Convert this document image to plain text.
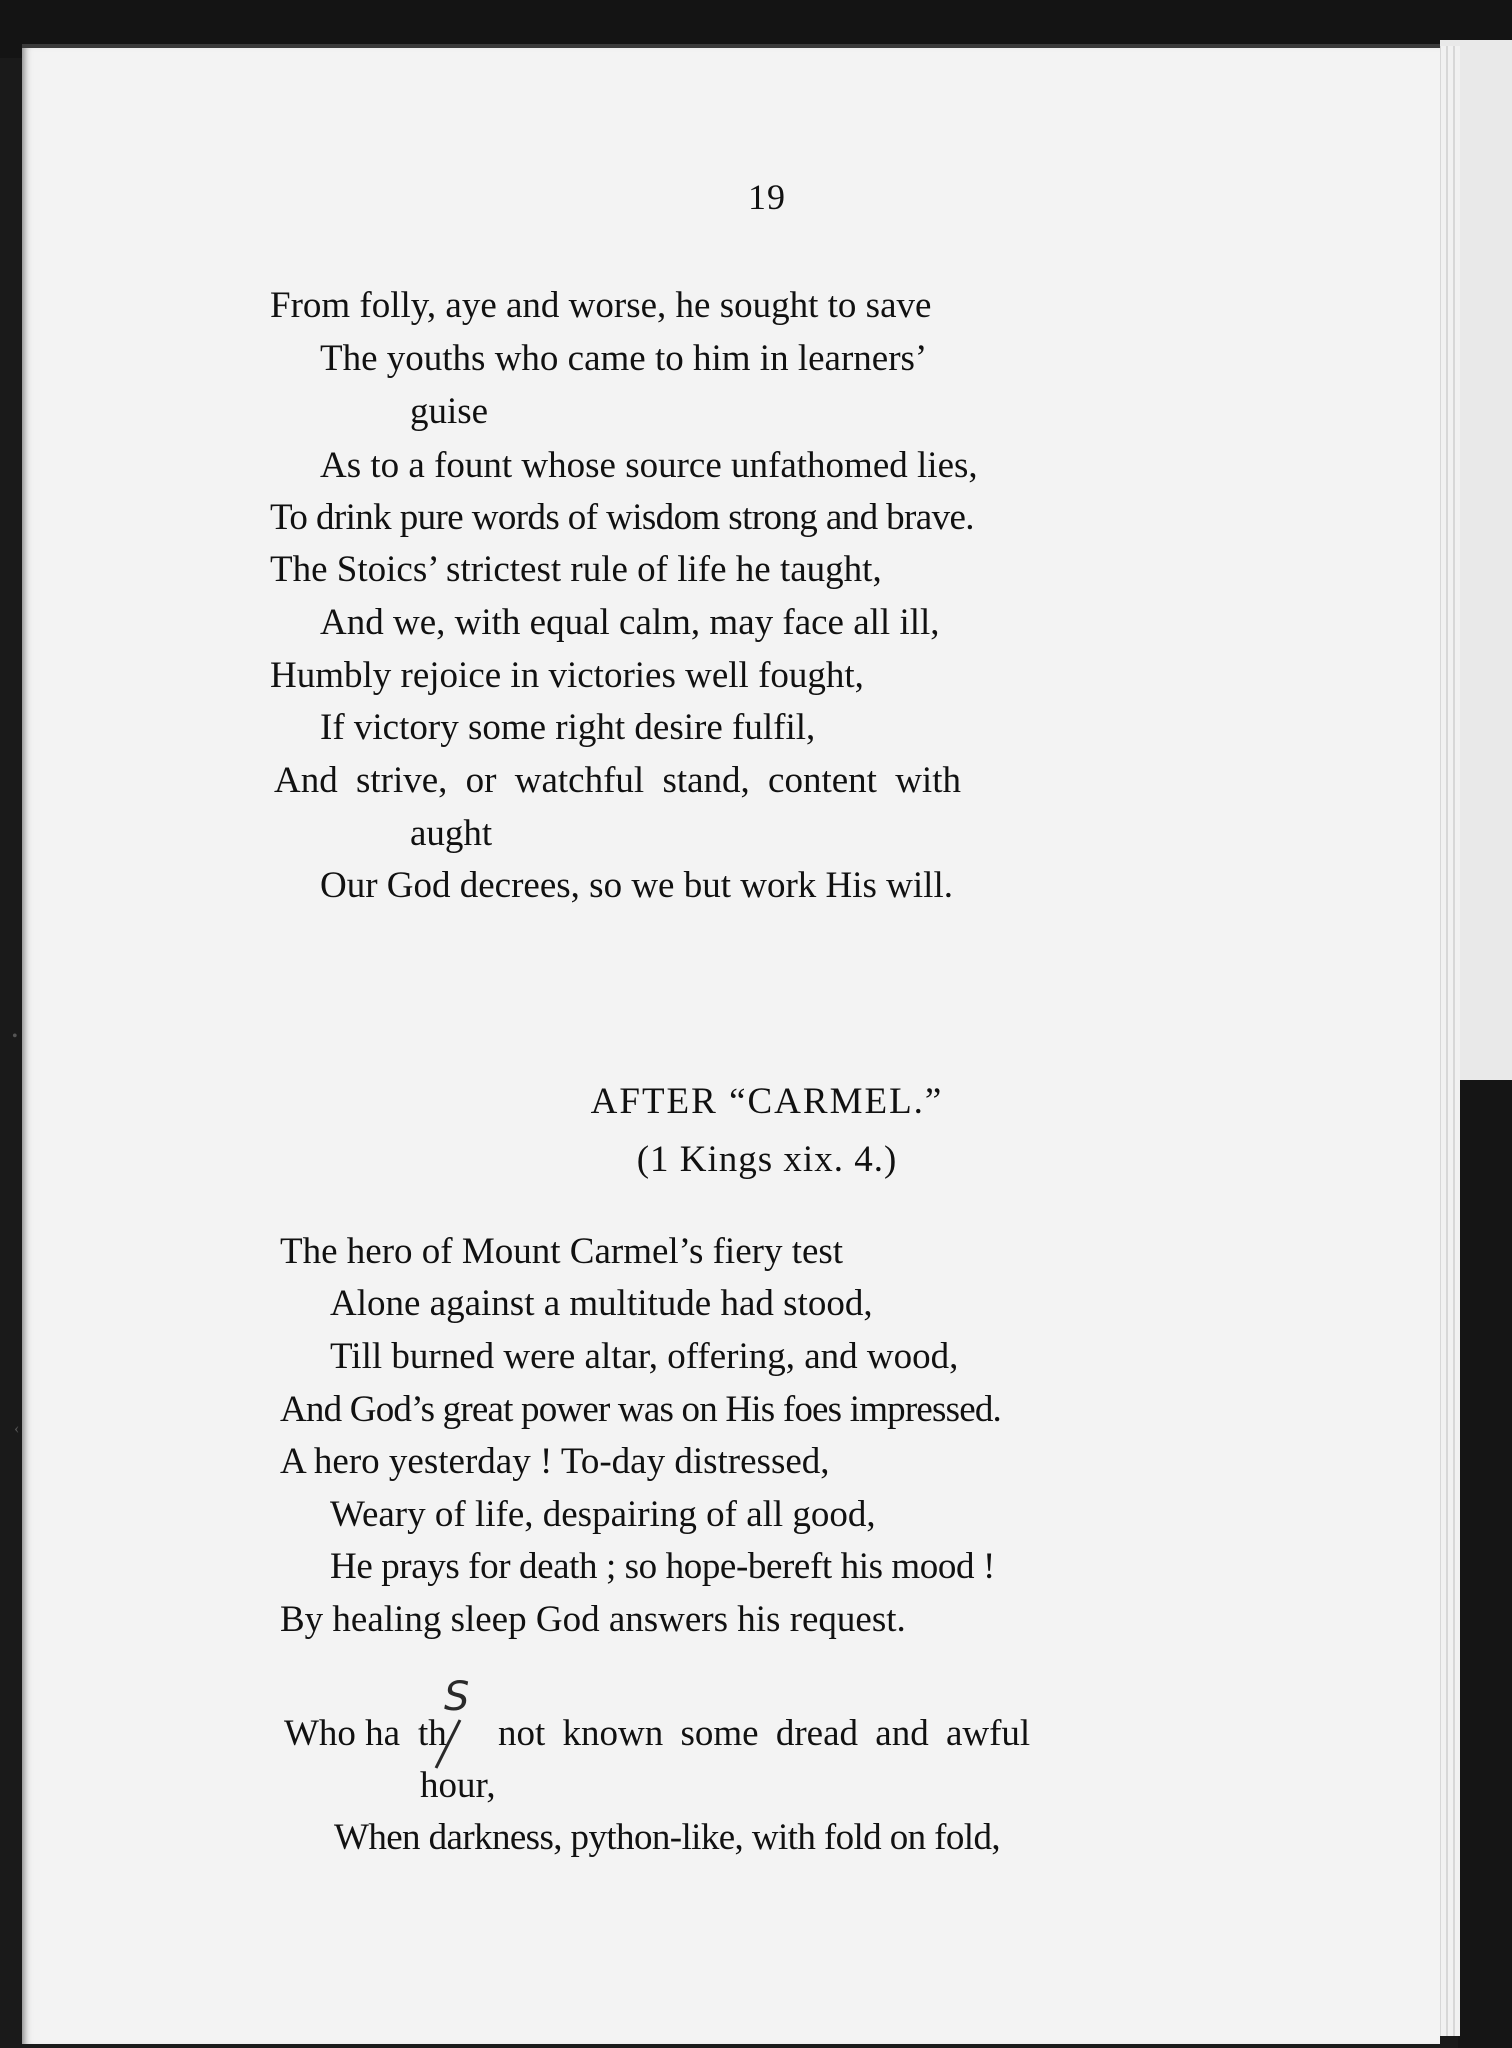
19
From folly, aye and worse, he sought to save
The youths who came to him in learners’
guise
As to a fount whose source unfathomed lies,
To drink pure words of wisdom strong and brave.
The Stoics’ strictest rule of life he taught,
And we, with equal calm, may face all ill,
Humbly rejoice in victories well fought,
If victory some right desire fulfil,
And strive, or watchful stand, content with
aught
Our God decrees, so we but work His will.
AFTER “CARMEL.”
(1 Kings xix. 4.)
The hero of Mount Carmel’s fiery test
Alone against a multitude had stood,
Till burned were altar, offering, and wood,
And God’s great power was on His foes impressed.
A hero yesterday ! To-day distressed,
Weary of life, despairing of all good,
He prays for death ; so hope-bereft his mood !
By healing sleep God answers his request.
Who ha th not known some dread and awful
hour,
When darkness, python-like, with fold on fold,
S
•
‹
